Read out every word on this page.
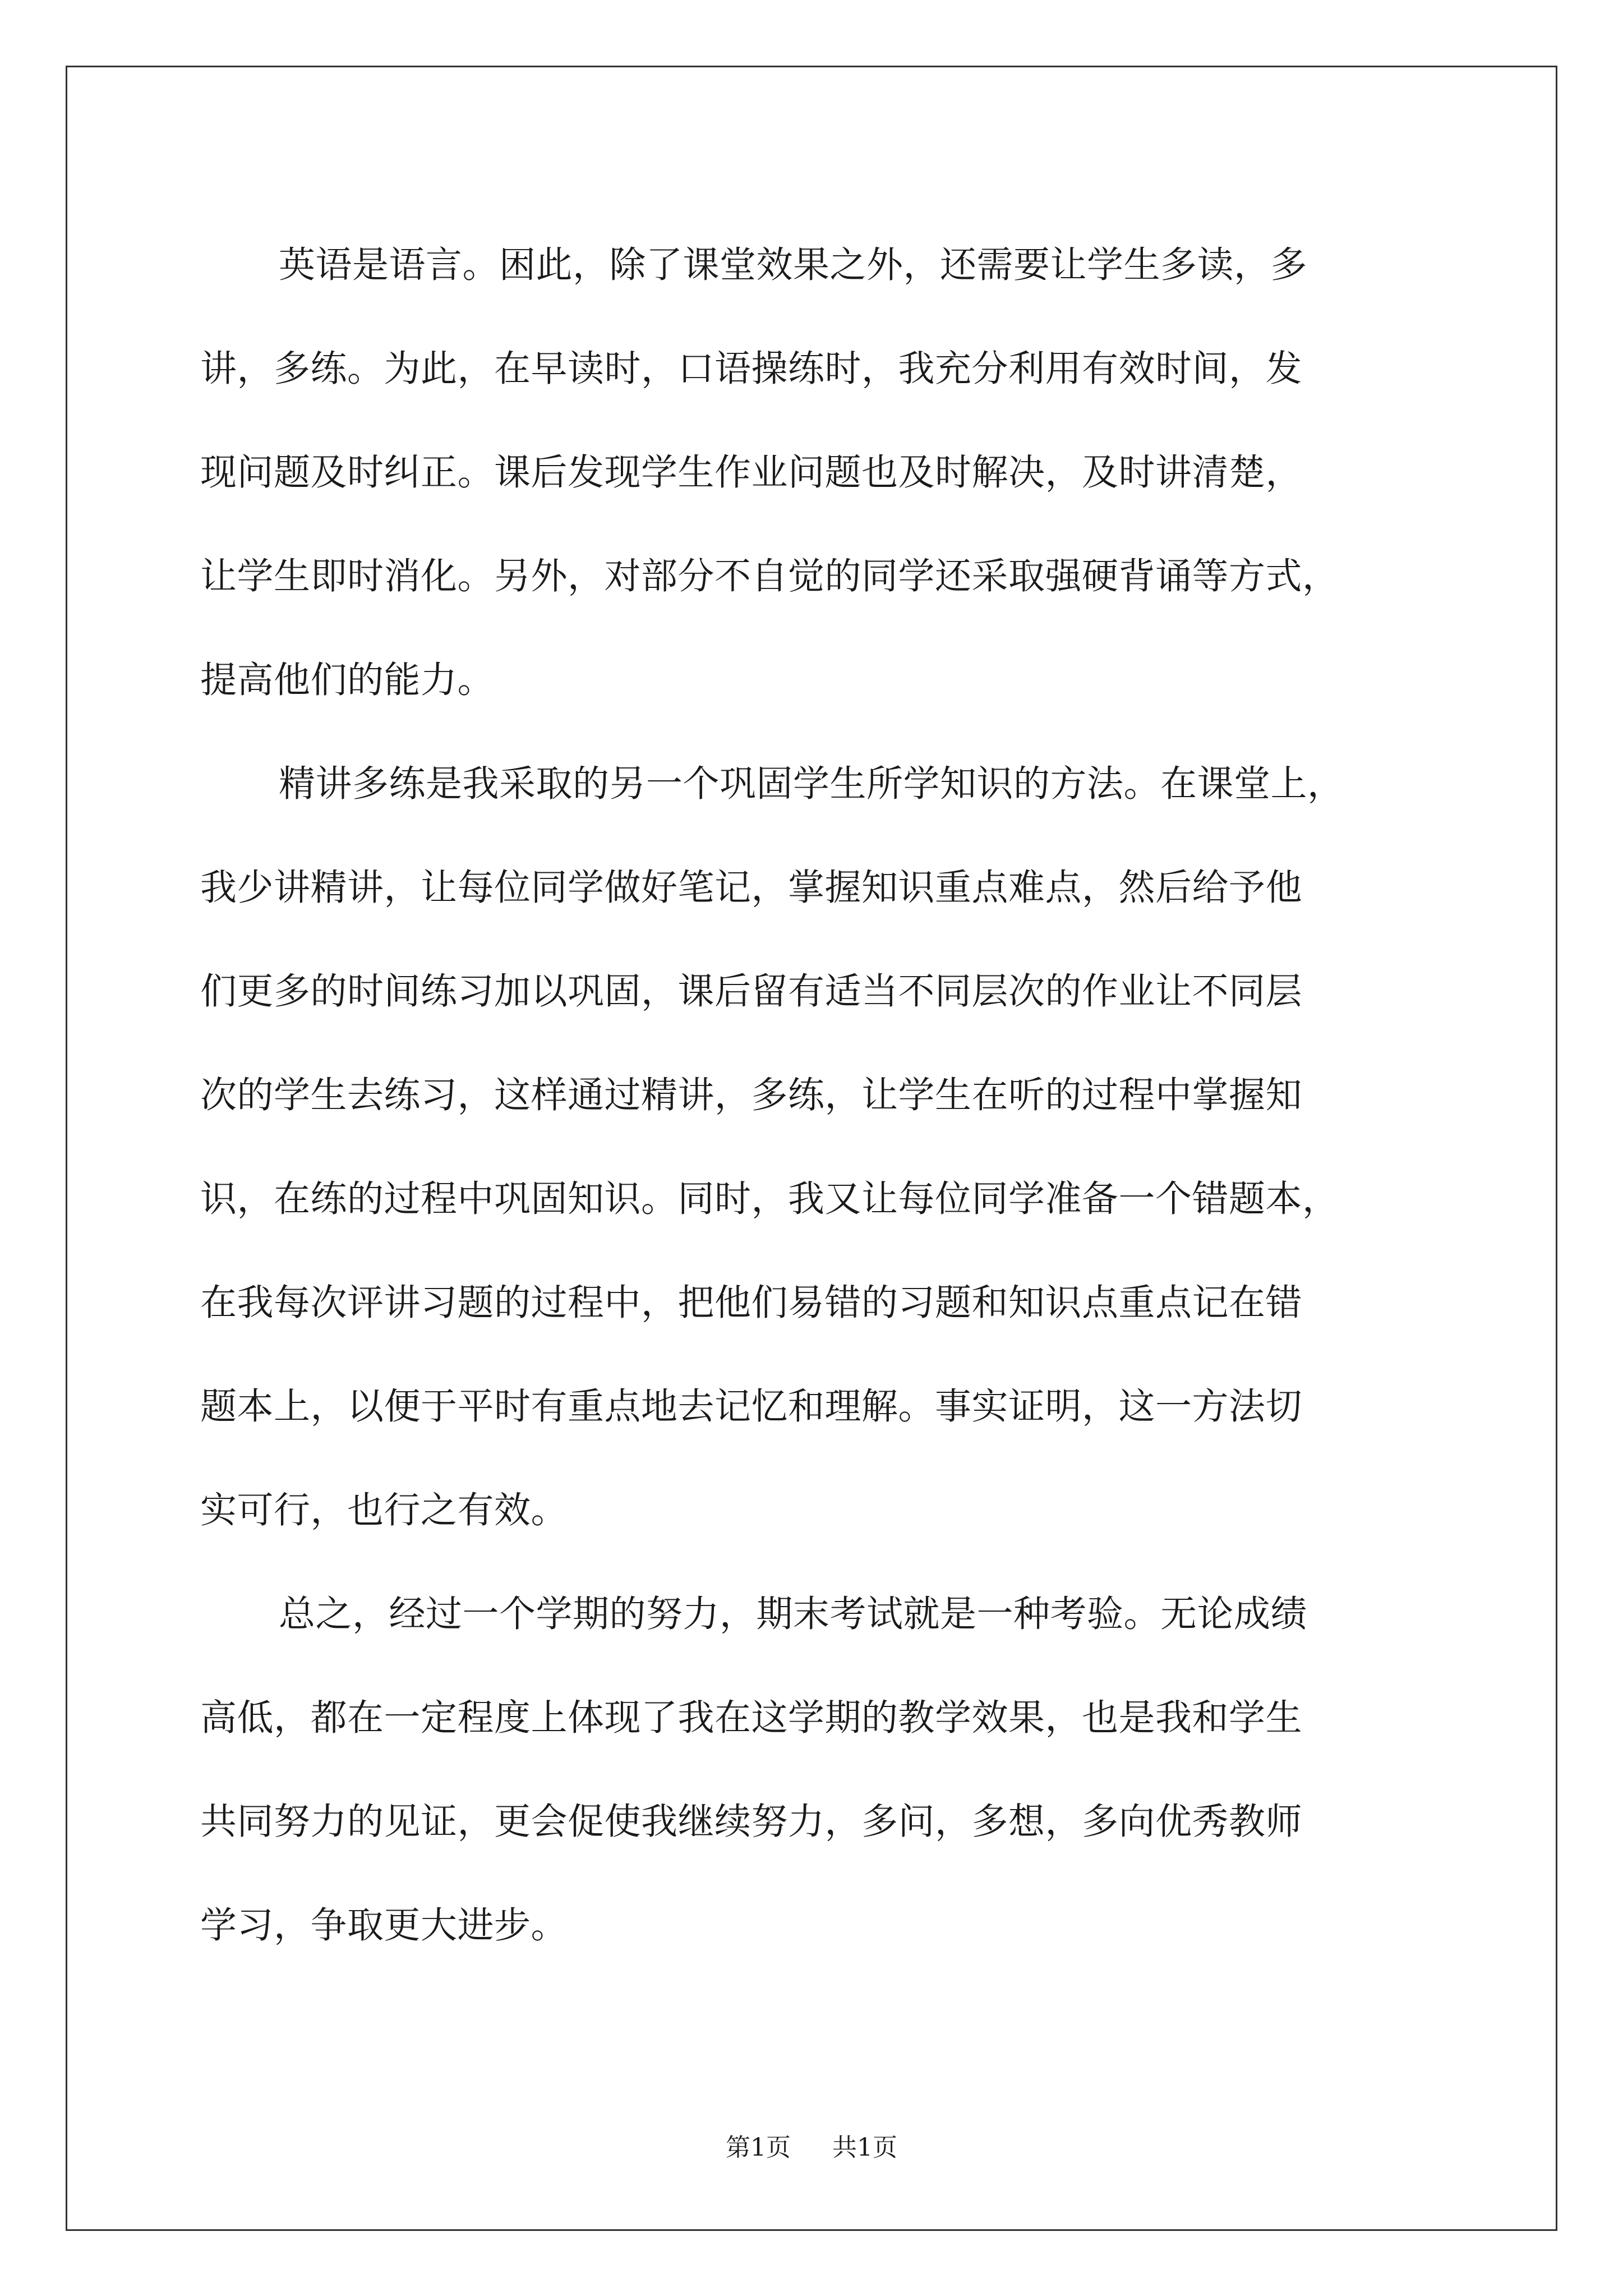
英语是语言。困此，除了课堂效果之外，还需要让学生多读，多
讲，多练。为此，在早读时，口语操练时，我充分利用有效时间，发
现问题及时纠正。课后发现学生作业问题也及时解决，及时讲清楚，
让学生即时消化。另外，对部分不自觉的同学还采取强硬背诵等方式，
提高他们的能力。

精讲多练是我采取的另一个巩固学生所学知识的方法。在课堂上，
我少讲精讲，让每位同学做好笔记，掌握知识重点难点，然后给予他
们更多的时间练习加以巩固，课后留有适当不同层次的作业让不同层
次的学生去练习，这样通过精讲，多练，让学生在听的过程中掌握知
识，在练的过程中巩固知识。同时，我又让每位同学准备一个错题本，
在我每次评讲习题的过程中，把他们易错的习题和知识点重点记在错
题本上，以便于平时有重点地去记忆和理解。事实证明，这一方法切
实可行，也行之有效。

总之，经过一个学期的努力，期末考试就是一种考验。无论成绩
高低，都在一定程度上体现了我在这学期的教学效果，也是我和学生
共同努力的见证，更会促使我继续努力，多问，多想，多向优秀教师
学习，争取更大进步。

第1页 共1页
